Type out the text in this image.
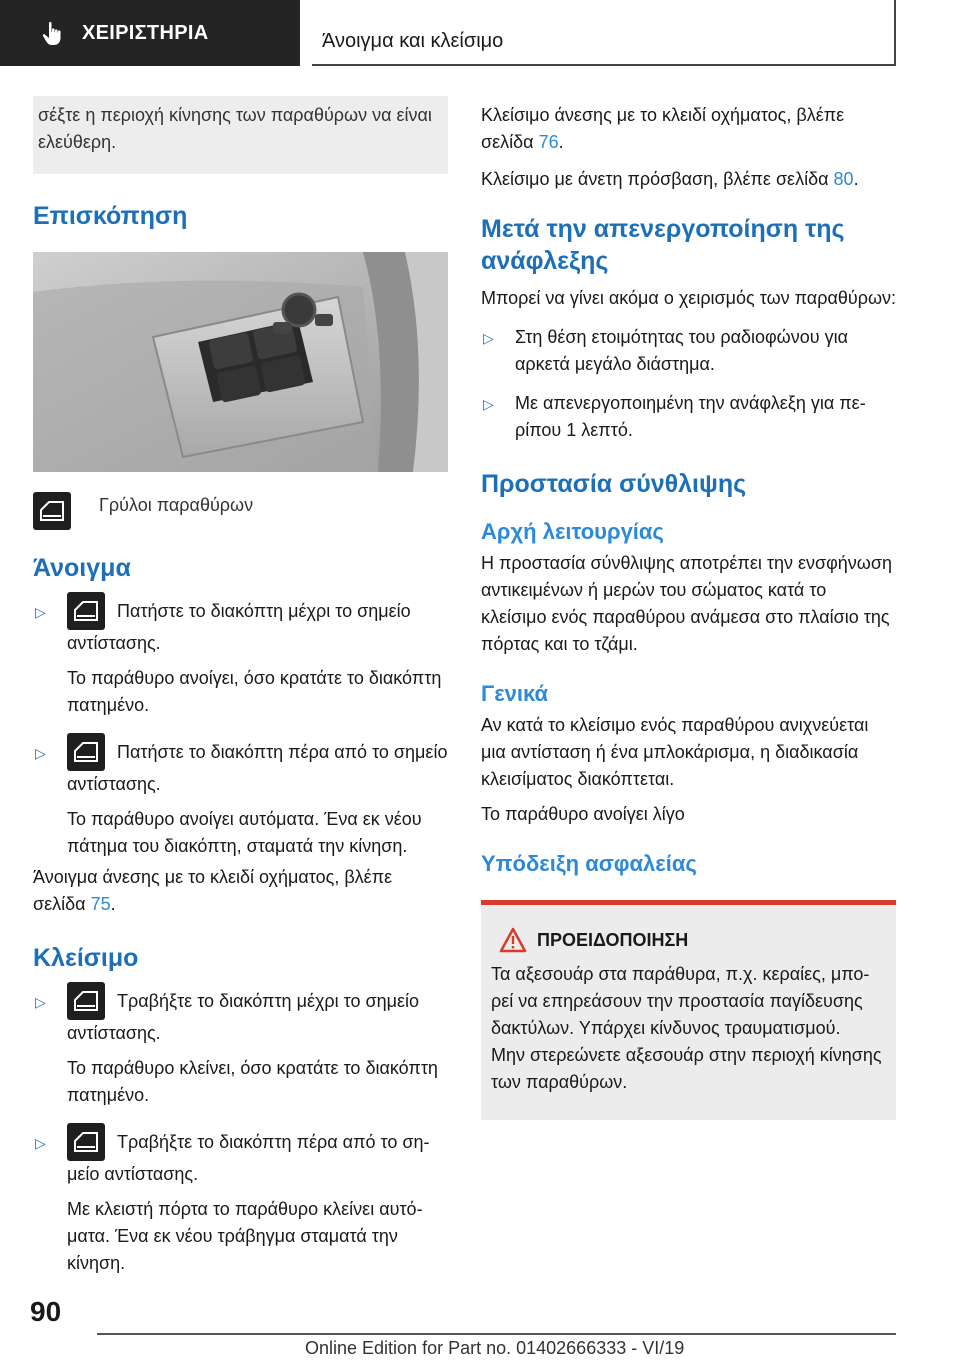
ΧΕΙΡΙΣΤΗΡΙΑ	Άνοιγμα και κλείσιμο
σέξτε η περιοχή κίνησης των παραθύρων να είναι ελεύθερη.
Επισκόπηση
Γρύλοι παραθύρων
Άνοιγμα
▷	Πατήστε το διακόπτη μέχρι το σημείο αντίστασης.

Το παράθυρο ανοίγει, όσο κρατάτε το διακόπτη πατημένο.

▷	Πατήστε το διακόπτη πέρα από το σημείο αντίστασης.

Το παράθυρο ανοίγει αυτόματα. Ένα εκ νέου πάτημα του διακόπτη, σταματά την κίνηση.

Άνοιγμα άνεσης με το κλειδί οχήματος, βλέπε σελίδα 75.

Κλείσιμο
▷	Τραβήξτε το διακόπτη μέχρι το σημείο αντίστασης.

Το παράθυρο κλείνει, όσο κρατάτε το διακόπτη πατημένο.

▷	Τραβήξτε το διακόπτη πέρα από το σημείο αντίστασης.

Με κλειστή πόρτα το παράθυρο κλείνει αυτόματα. Ένα εκ νέου τράβηγμα σταματά την κίνηση.

Κλείσιμο άνεσης με το κλειδί οχήματος, βλέπε σελίδα 76.

Κλείσιμο με άνετη πρόσβαση, βλέπε σελίδα 80.

Μετά την απενεργοποίηση της ανάφλεξης

Μπορεί να γίνει ακόμα ο χειρισμός των παραθύρων:

▷	Στη θέση ετοιμότητας του ραδιοφώνου για αρκετά μεγάλο διάστημα.

▷	Με απενεργοποιημένη την ανάφλεξη για περίπου 1 λεπτό.

Προστασία σύνθλιψης
Αρχή λειτουργίας

Η προστασία σύνθλιψης αποτρέπει την ενσφήνωση αντικειμένων ή μερών του σώματος κατά το κλείσιμο ενός παραθύρου ανάμεσα στο πλαίσιο της πόρτας και το τζάμι.

Γενικά

Αν κατά το κλείσιμο ενός παραθύρου ανιχνεύεται μια αντίσταση ή ένα μπλοκάρισμα, η διαδικασία κλεισίματος διακόπτεται.

Το παράθυρο ανοίγει λίγο

Υπόδειξη ασφαλείας
ΠΡΟΕΙΔΟΠΟΙΗΣΗ

Τα αξεσουάρ στα παράθυρα, π.χ. κεραίες, μπορεί να επηρεάσουν την προστασία παγίδευσης δακτύλων. Υπάρχει κίνδυνος τραυματισμού.

Μην στερεώνετε αξεσουάρ στην περιοχή κίνησης των παραθύρων.

90
Online Edition for Part no. 01402666333 - VI/19
